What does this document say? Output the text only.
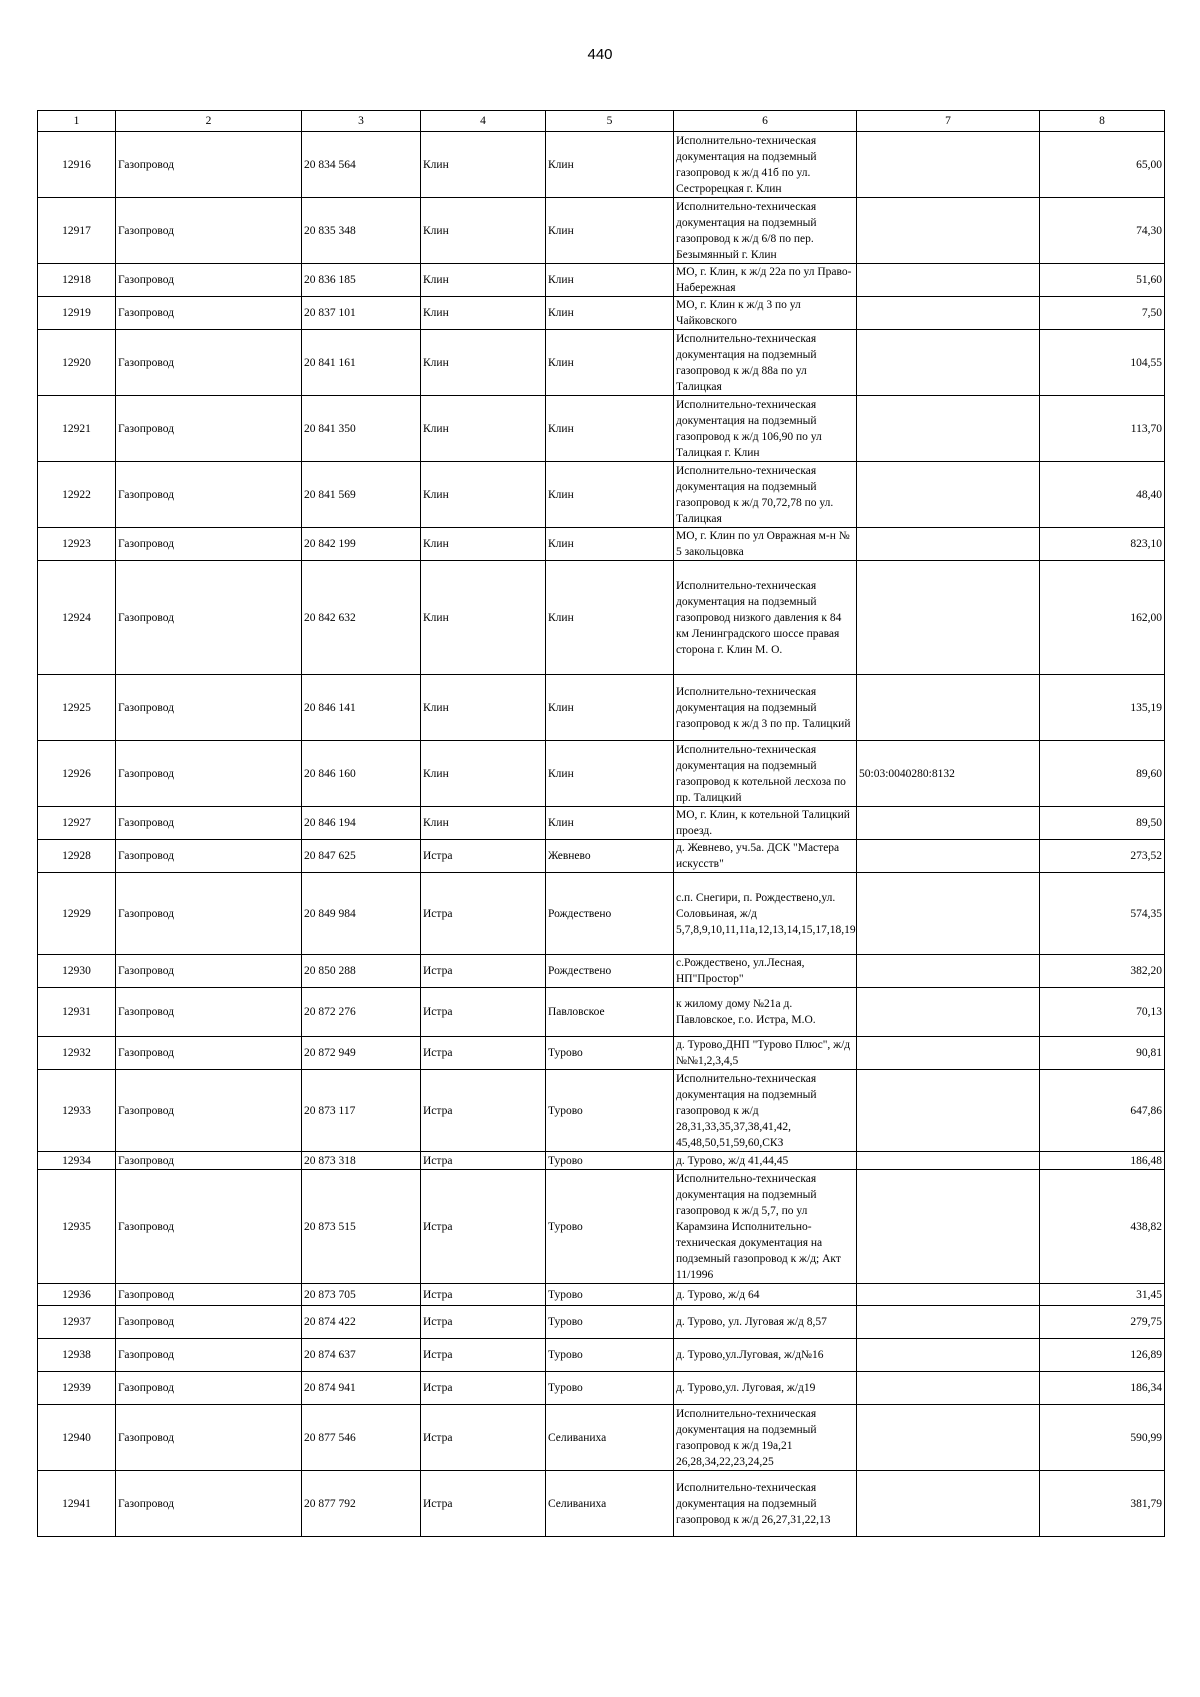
440
1	2	3	4	5	6	7	8
12916	Газопровод	20 834 564	Клин	Клин	Исполнительно-техническая документация на подземный газопровод к ж/д 41б по ул. Сестрорецкая г. Клин		65,00
12917	Газопровод	20 835 348	Клин	Клин	Исполнительно-техническая документация на подземный газопровод к ж/д 6/8 по пер. Безымянный г. Клин		74,30
12918	Газопровод	20 836 185	Клин	Клин	МО, г. Клин, к ж/д 22а по ул Право-Набережная		51,60
12919	Газопровод	20 837 101	Клин	Клин	МО, г. Клин к ж/д 3 по ул Чайковского		7,50
12920	Газопровод	20 841 161	Клин	Клин	Исполнительно-техническая документация на подземный газопровод к ж/д 88а по ул Талицкая		104,55
12921	Газопровод	20 841 350	Клин	Клин	Исполнительно-техническая документация на подземный газопровод к ж/д 106,90 по ул Талицкая г. Клин		113,70
12922	Газопровод	20 841 569	Клин	Клин	Исполнительно-техническая документация на подземный газопровод к ж/д 70,72,78 по ул. Талицкая		48,40
12923	Газопровод	20 842 199	Клин	Клин	МО, г. Клин по ул Овражная м-н № 5 закольцовка		823,10
12924	Газопровод	20 842 632	Клин	Клин	Исполнительно-техническая документация на подземный газопровод низкого давления к 84 км Ленинградского шоссе правая сторона г. Клин М. О.		162,00
12925	Газопровод	20 846 141	Клин	Клин	Исполнительно-техническая документация на подземный газопровод к ж/д 3 по пр. Талицкий		135,19
12926	Газопровод	20 846 160	Клин	Клин	Исполнительно-техническая документация на подземный газопровод к котельной лесхоза по пр. Талицкий	50:03:0040280:8132	89,60
12927	Газопровод	20 846 194	Клин	Клин	МО, г. Клин, к котельной Талицкий проезд.		89,50
12928	Газопровод	20 847 625	Истра	Жевнево	д. Жевнево, уч.5а. ДСК "Мастера искусств"		273,52
12929	Газопровод	20 849 984	Истра	Рождествено	с.п. Снегири, п. Рождествено,ул. Соловьиная, ж/д 5,7,8,9,10,11,11а,12,13,14,15,17,18,19		574,35
12930	Газопровод	20 850 288	Истра	Рождествено	с.Рождествено, ул.Лесная, НП"Простор"		382,20
12931	Газопровод	20 872 276	Истра	Павловское	к жилому дому №21а д. Павловское, г.о. Истра, М.О.		70,13
12932	Газопровод	20 872 949	Истра	Турово	д. Турово,ДНП "Турово Плюс", ж/д №№1,2,3,4,5		90,81
12933	Газопровод	20 873 117	Истра	Турово	Исполнительно-техническая документация на подземный газопровод к ж/д 28,31,33,35,37,38,41,42, 45,48,50,51,59,60,СКЗ		647,86
12934	Газопровод	20 873 318	Истра	Турово	д. Турово, ж/д 41,44,45		186,48
12935	Газопровод	20 873 515	Истра	Турово	Исполнительно-техническая документация на подземный газопровод к ж/д 5,7, по ул Карамзина Исполнительно-техническая документация на подземный газопровод к ж/д; Акт 11/1996		438,82
12936	Газопровод	20 873 705	Истра	Турово	д. Турово, ж/д 64		31,45
12937	Газопровод	20 874 422	Истра	Турово	д. Турово, ул. Луговая ж/д 8,57		279,75
12938	Газопровод	20 874 637	Истра	Турово	д. Турово,ул.Луговая, ж/д№16		126,89
12939	Газопровод	20 874 941	Истра	Турово	д. Турово,ул. Луговая, ж/д19		186,34
12940	Газопровод	20 877 546	Истра	Селиваниха	Исполнительно-техническая документация на подземный газопровод к ж/д 19а,21 26,28,34,22,23,24,25		590,99
12941	Газопровод	20 877 792	Истра	Селиваниха	Исполнительно-техническая документация на подземный газопровод к ж/д 26,27,31,22,13		381,79
